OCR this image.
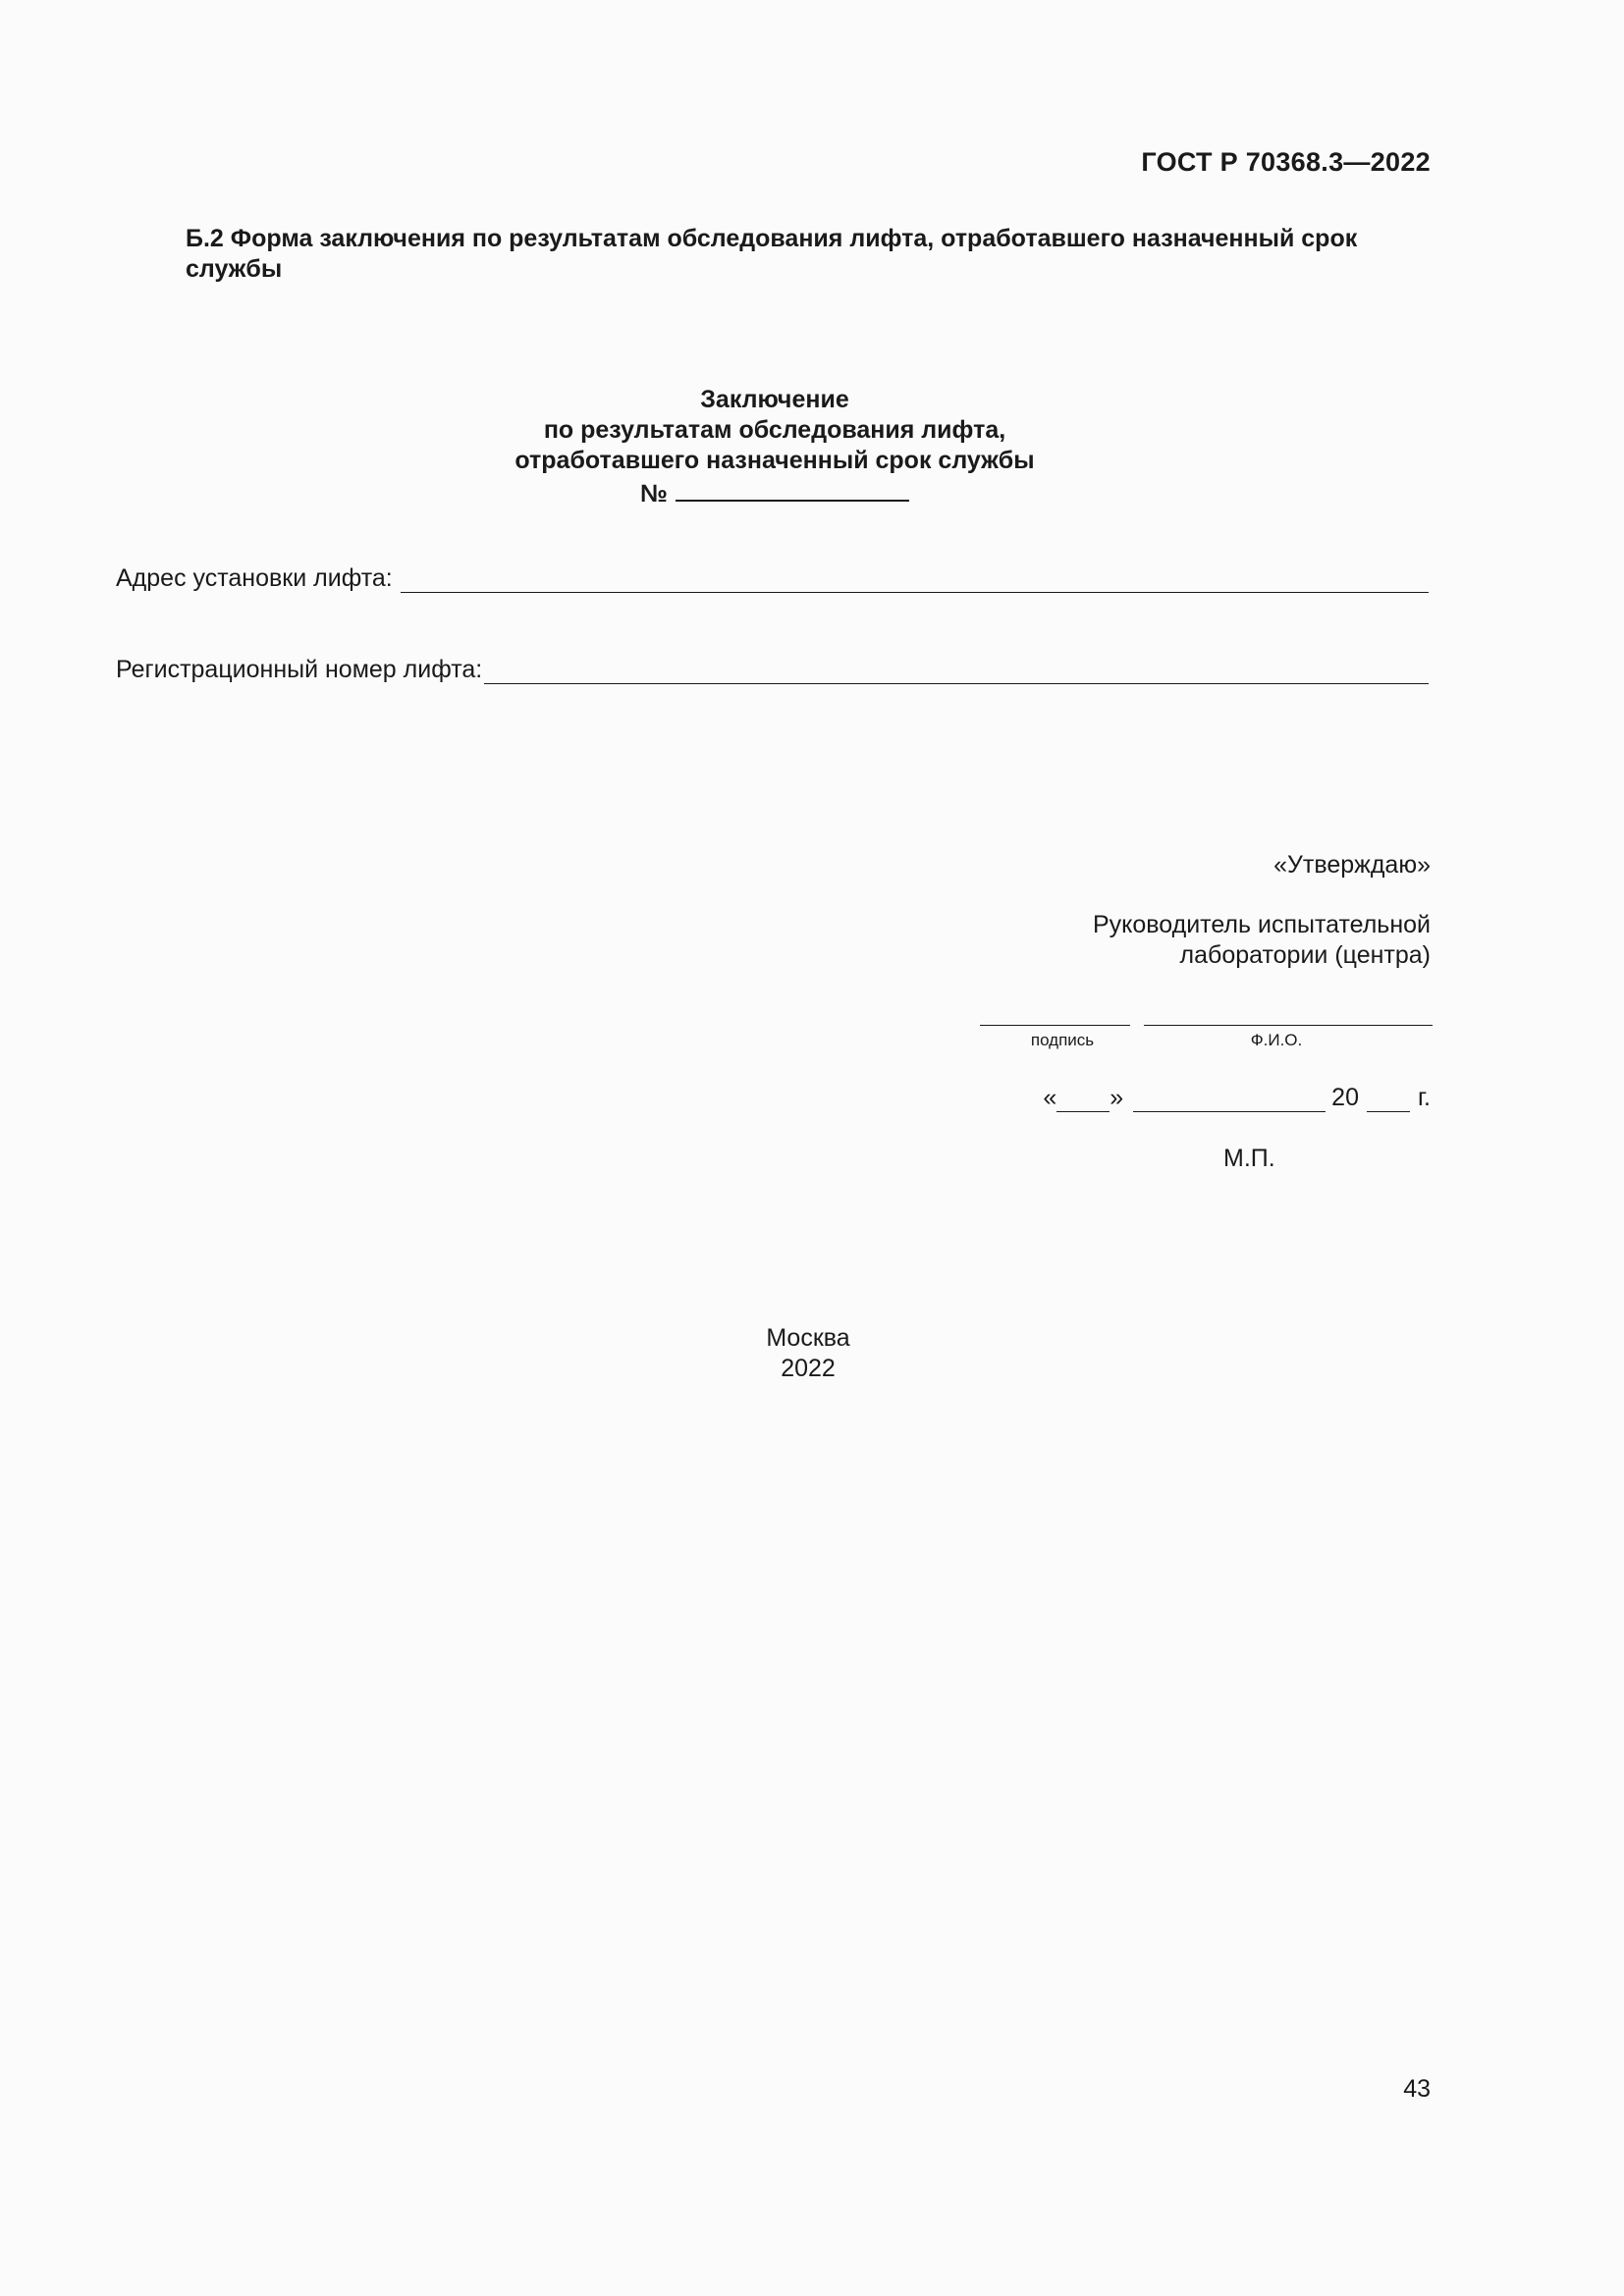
ГОСТ Р 70368.3—2022
Б.2 Форма заключения по результатам обследования лифта, отработавшего назначенный срок службы
Заключение
по результатам обследования лифта,
отработавшего назначенный срок службы
№
Адрес установки лифта:
Регистрационный номер лифта:
«Утверждаю»
Руководитель испытательной
лаборатории (центра)
подпись	Ф.И.О.
« »	20 г.
М.П.
Москва
2022
43
